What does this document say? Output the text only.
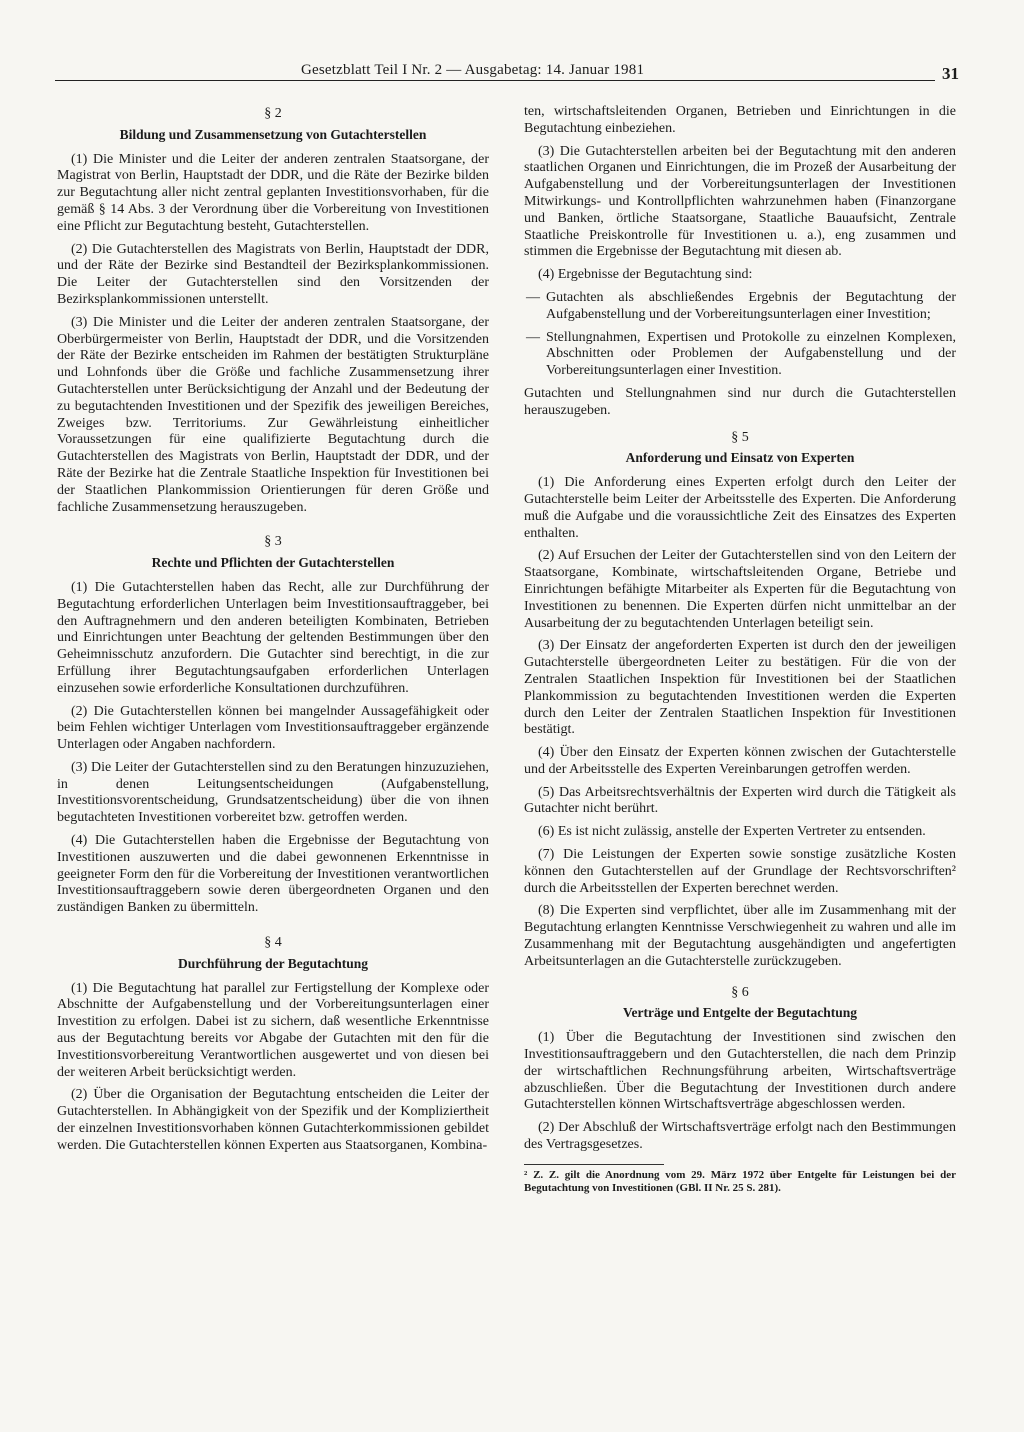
Gesetzblatt Teil I Nr. 2 — Ausgabetag: 14. Januar 1981	31
§ 2
Bildung und Zusammensetzung von Gutachterstellen

(1) Die Minister und die Leiter der anderen zentralen Staatsorgane, der Magistrat von Berlin, Hauptstadt der DDR, und die Räte der Bezirke bilden zur Begutachtung aller nicht zentral geplanten Investitionsvorhaben, für die gemäß § 14 Abs. 3 der Verordnung über die Vorbereitung von Investitionen eine Pflicht zur Begutachtung besteht, Gutachterstellen.

(2) Die Gutachterstellen des Magistrats von Berlin, Hauptstadt der DDR, und der Räte der Bezirke sind Bestandteil der Bezirksplankommissionen. Die Leiter der Gutachterstellen sind den Vorsitzenden der Bezirksplankommissionen unterstellt.

(3) Die Minister und die Leiter der anderen zentralen Staatsorgane, der Oberbürgermeister von Berlin, Hauptstadt der DDR, und die Vorsitzenden der Räte der Bezirke entscheiden im Rahmen der bestätigten Strukturpläne und Lohnfonds über die Größe und fachliche Zusammensetzung ihrer Gutachterstellen unter Berücksichtigung der Anzahl und der Bedeutung der zu begutachtenden Investitionen und der Spezifik des jeweiligen Bereiches, Zweiges bzw. Territoriums. Zur Gewährleistung einheitlicher Voraussetzungen für eine qualifizierte Begutachtung durch die Gutachterstellen des Magistrats von Berlin, Hauptstadt der DDR, und der Räte der Bezirke hat die Zentrale Staatliche Inspektion für Investitionen bei der Staatlichen Plankommission Orientierungen für deren Größe und fachliche Zusammensetzung herauszugeben.

§ 3
Rechte und Pflichten der Gutachterstellen

(1) Die Gutachterstellen haben das Recht, alle zur Durchführung der Begutachtung erforderlichen Unterlagen beim Investitionsauftraggeber, bei den Auftragnehmern und den anderen beteiligten Kombinaten, Betrieben und Einrichtungen unter Beachtung der geltenden Bestimmungen über den Geheimnisschutz anzufordern. Die Gutachter sind berechtigt, in die zur Erfüllung ihrer Begutachtungsaufgaben erforderlichen Unterlagen einzusehen sowie erforderliche Konsultationen durchzuführen.

(2) Die Gutachterstellen können bei mangelnder Aussagefähigkeit oder beim Fehlen wichtiger Unterlagen vom Investitionsauftraggeber ergänzende Unterlagen oder Angaben nachfordern.

(3) Die Leiter der Gutachterstellen sind zu den Beratungen hinzuzuziehen, in denen Leitungsentscheidungen (Aufgabenstellung, Investitionsvorentscheidung, Grundsatzentscheidung) über die von ihnen begutachteten Investitionen vorbereitet bzw. getroffen werden.

(4) Die Gutachterstellen haben die Ergebnisse der Begutachtung von Investitionen auszuwerten und die dabei gewonnenen Erkenntnisse in geeigneter Form den für die Vorbereitung der Investitionen verantwortlichen Investitionsauftraggebern sowie deren übergeordneten Organen und den zuständigen Banken zu übermitteln.

§ 4
Durchführung der Begutachtung

(1) Die Begutachtung hat parallel zur Fertigstellung der Komplexe oder Abschnitte der Aufgabenstellung und der Vorbereitungsunterlagen einer Investition zu erfolgen. Dabei ist zu sichern, daß wesentliche Erkenntnisse aus der Begutachtung bereits vor Abgabe der Gutachten mit den für die Investitionsvorbereitung Verantwortlichen ausgewertet und von diesen bei der weiteren Arbeit berücksichtigt werden.

(2) Über die Organisation der Begutachtung entscheiden die Leiter der Gutachterstellen. In Abhängigkeit von der Spezifik und der Kompliziertheit der einzelnen Investitionsvorhaben können Gutachterkommissionen gebildet werden. Die Gutachterstellen können Experten aus Staatsorganen, Kombina-

ten, wirtschaftsleitenden Organen, Betrieben und Einrichtungen in die Begutachtung einbeziehen.

(3) Die Gutachterstellen arbeiten bei der Begutachtung mit den anderen staatlichen Organen und Einrichtungen, die im Prozeß der Ausarbeitung der Aufgabenstellung und der Vorbereitungsunterlagen der Investitionen Mitwirkungs- und Kontrollpflichten wahrzunehmen haben (Finanzorgane und Banken, örtliche Staatsorgane, Staatliche Bauaufsicht, Zentrale Staatliche Preiskontrolle für Investitionen u. a.), eng zusammen und stimmen die Ergebnisse der Begutachtung mit diesen ab.

(4) Ergebnisse der Begutachtung sind:

— Gutachten als abschließendes Ergebnis der Begutachtung der Aufgabenstellung und der Vorbereitungsunterlagen einer Investition;
— Stellungnahmen, Expertisen und Protokolle zu einzelnen Komplexen, Abschnitten oder Problemen der Aufgabenstellung und der Vorbereitungsunterlagen einer Investition.

Gutachten und Stellungnahmen sind nur durch die Gutachterstellen herauszugeben.

§ 5
Anforderung und Einsatz von Experten

(1) Die Anforderung eines Experten erfolgt durch den Leiter der Gutachterstelle beim Leiter der Arbeitsstelle des Experten. Die Anforderung muß die Aufgabe und die voraussichtliche Zeit des Einsatzes des Experten enthalten.

(2) Auf Ersuchen der Leiter der Gutachterstellen sind von den Leitern der Staatsorgane, Kombinate, wirtschaftsleitenden Organe, Betriebe und Einrichtungen befähigte Mitarbeiter als Experten für die Begutachtung von Investitionen zu benennen. Die Experten dürfen nicht unmittelbar an der Ausarbeitung der zu begutachtenden Unterlagen beteiligt sein.

(3) Der Einsatz der angeforderten Experten ist durch den der jeweiligen Gutachterstelle übergeordneten Leiter zu bestätigen. Für die von der Zentralen Staatlichen Inspektion für Investitionen bei der Staatlichen Plankommission zu begutachtenden Investitionen werden die Experten durch den Leiter der Zentralen Staatlichen Inspektion für Investitionen bestätigt.

(4) Über den Einsatz der Experten können zwischen der Gutachterstelle und der Arbeitsstelle des Experten Vereinbarungen getroffen werden.

(5) Das Arbeitsrechtsverhältnis der Experten wird durch die Tätigkeit als Gutachter nicht berührt.

(6) Es ist nicht zulässig, anstelle der Experten Vertreter zu entsenden.

(7) Die Leistungen der Experten sowie sonstige zusätzliche Kosten können den Gutachterstellen auf der Grundlage der Rechtsvorschriften² durch die Arbeitsstellen der Experten berechnet werden.

(8) Die Experten sind verpflichtet, über alle im Zusammenhang mit der Begutachtung erlangten Kenntnisse Verschwiegenheit zu wahren und alle im Zusammenhang mit der Begutachtung ausgehändigten und angefertigten Arbeitsunterlagen an die Gutachterstelle zurückzugeben.

§ 6
Verträge und Entgelte der Begutachtung

(1) Über die Begutachtung der Investitionen sind zwischen den Investitionsauftraggebern und den Gutachterstellen, die nach dem Prinzip der wirtschaftlichen Rechnungsführung arbeiten, Wirtschaftsverträge abzuschließen. Über die Begutachtung der Investitionen durch andere Gutachterstellen können Wirtschaftsverträge abgeschlossen werden.

(2) Der Abschluß der Wirtschaftsverträge erfolgt nach den Bestimmungen des Vertragsgesetzes.

² Z. Z. gilt die Anordnung vom 29. März 1972 über Entgelte für Leistungen bei der Begutachtung von Investitionen (GBl. II Nr. 25 S. 281).
